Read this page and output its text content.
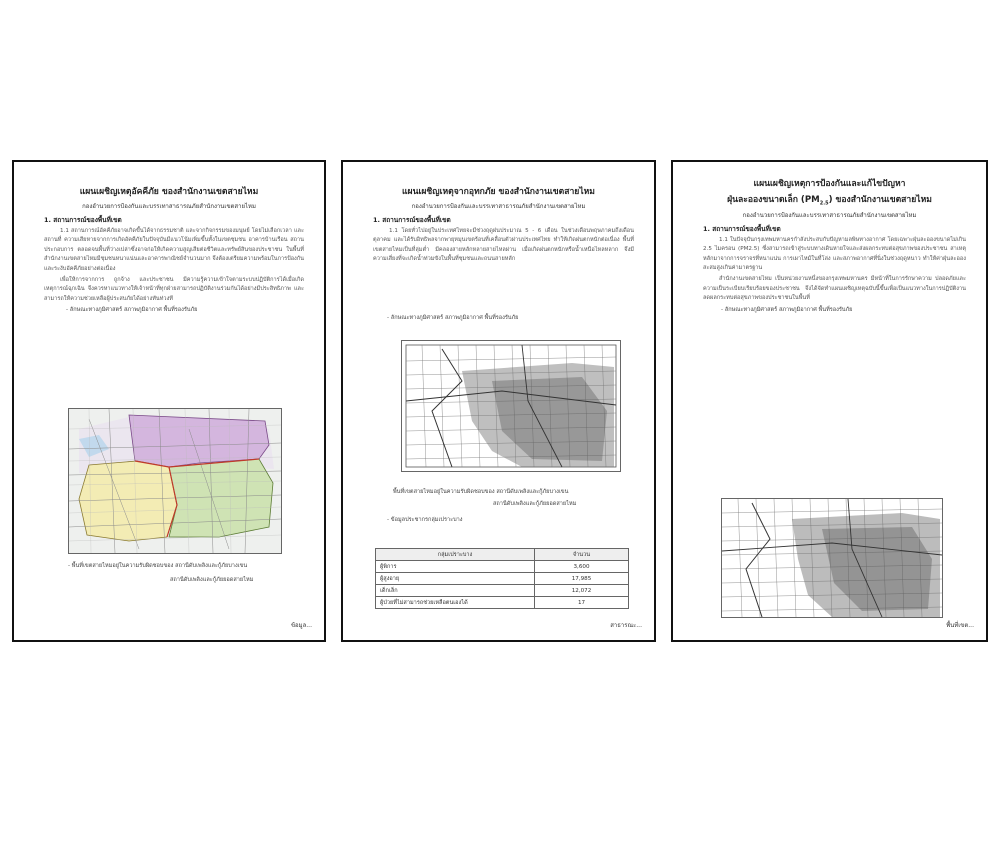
แผนเผชิญเหตุอัคคีภัย ของสำนักงานเขตสายไหม

กองอำนวยการป้องกันและบรรเทาสาธารณภัยสำนักงานเขตสายไหม

1. สถานการณ์ของพื้นที่เขต

1.1 สถานการณ์อัคคีภัยอาจเกิดขึ้นได้จากธรรมชาติ และจากกิจกรรมของมนุษย์ โดยไม่เลือกเวลา และสถานที่ ความเสียหายจากการเกิดอัคคีภัยในปัจจุบันมีแนวโน้มเพิ่มขึ้นทั้งในเขตชุมชน อาคารบ้านเรือน สถานประกอบการ ตลอดจนพื้นที่ว่างเปล่าซึ่งอาจก่อให้เกิดความสูญเสียต่อชีวิตและทรัพย์สินของประชาชน ในพื้นที่สำนักงานเขตสายไหมมีชุมชนหนาแน่นและอาคารพาณิชย์จำนวนมาก จึงต้องเตรียมความพร้อมในการป้องกันและระงับอัคคีภัยอย่างต่อเนื่อง

เพื่อให้การจากการ ถูกจ้าง และประชาชน มีความรู้ความเข้าใจตามระบบปฏิบัติการได้เมื่อเกิดเหตุการณ์ฉุกเฉิน จึงควรหาแนวทางให้เจ้าหน้าที่ทุกฝ่ายสามารถปฏิบัติงานร่วมกันได้อย่างมีประสิทธิภาพ และสามารถให้ความช่วยเหลือผู้ประสบภัยได้อย่างทันท่วงที

- ลักษณะทางภูมิศาสตร์ สภาพภูมิอากาศ พื้นที่รองรับภัย

- พื้นที่เขตสายไหมอยู่ในความรับผิดชอบของ สถานีดับเพลิงและกู้ภัยบางเขน

สถานีดับเพลิงและกู้ภัยยอดสายไหม

ข้อมูล...

แผนเผชิญเหตุจากอุทกภัย ของสำนักงานเขตสายไหม

กองอำนวยการป้องกันและบรรเทาสาธารณภัยสำนักงานเขตสายไหม

1. สถานการณ์ของพื้นที่เขต

1.1 โดยทั่วไปอยู่ในประเทศไทยจะมีช่วงฤดูฝนประมาณ 5 - 6 เดือน ในช่วงเดือนพฤษภาคมถึงเดือนตุลาคม และได้รับอิทธิพลจากพายุหมุนเขตร้อนที่เคลื่อนตัวผ่านประเทศไทย ทำให้เกิดฝนตกหนักต่อเนื่อง พื้นที่เขตสายไหมเป็นที่ลุ่มต่ำ มีคลองสายหลักหลายสายไหลผ่าน เมื่อเกิดฝนตกหนักหรือน้ำเหนือไหลหลาก จึงมีความเสี่ยงที่จะเกิดน้ำท่วมขังในพื้นที่ชุมชนและถนนสายหลัก

- ลักษณะทางภูมิศาสตร์ สภาพภูมิอากาศ พื้นที่รองรับภัย

พื้นที่เขตสายไหมอยู่ในความรับผิดชอบของ สถานีดับเพลิงและกู้ภัยบางเขน

สถานีดับเพลิงและกู้ภัยยอดสายไหม

- ข้อมูลประชากรกลุ่มเปราะบาง

กลุ่มเปราะบาง	จำนวน
ผู้พิการ	3,600
ผู้สูงอายุ	17,985
เด็กเล็ก	12,072
ผู้ป่วยที่ไม่สามารถช่วยเหลือตนเองได้	17
สาธารณะ...

แผนเผชิญเหตุการป้องกันและแก้ไขปัญหา

ฝุ่นละอองขนาดเล็ก $(PM_{2.5})$ ของสำนักงานเขตสายไหม

กองอำนวยการป้องกันและบรรเทาสาธารณภัยสำนักงานเขตสายไหม

1. สถานการณ์ของพื้นที่เขต

1.1 ในปัจจุบันกรุงเทพมหานครกำลังประสบกับปัญหามลพิษทางอากาศ โดยเฉพาะฝุ่นละอองขนาดไม่เกิน 2.5 ไมครอน (PM2.5) ซึ่งสามารถเข้าสู่ระบบทางเดินหายใจและส่งผลกระทบต่อสุขภาพของประชาชน สาเหตุหลักมาจากการจราจรที่หนาแน่น การเผาไหม้ในที่โล่ง และสภาพอากาศที่นิ่งในช่วงฤดูหนาว ทำให้ค่าฝุ่นละอองสะสมสูงเกินค่ามาตรฐาน

สำนักงานเขตสายไหม เป็นหน่วยงานหนึ่งของกรุงเทพมหานคร มีหน้าที่ในการรักษาความ ปลอดภัยและความเป็นระเบียบเรียบร้อยของประชาชน จึงได้จัดทำแผนเผชิญเหตุฉบับนี้ขึ้นเพื่อเป็นแนวทางในการปฏิบัติงาน ลดผลกระทบต่อสุขภาพของประชาชนในพื้นที่

- ลักษณะทางภูมิศาสตร์ สภาพภูมิอากาศ พื้นที่รองรับภัย

พื้นที่เขต...
